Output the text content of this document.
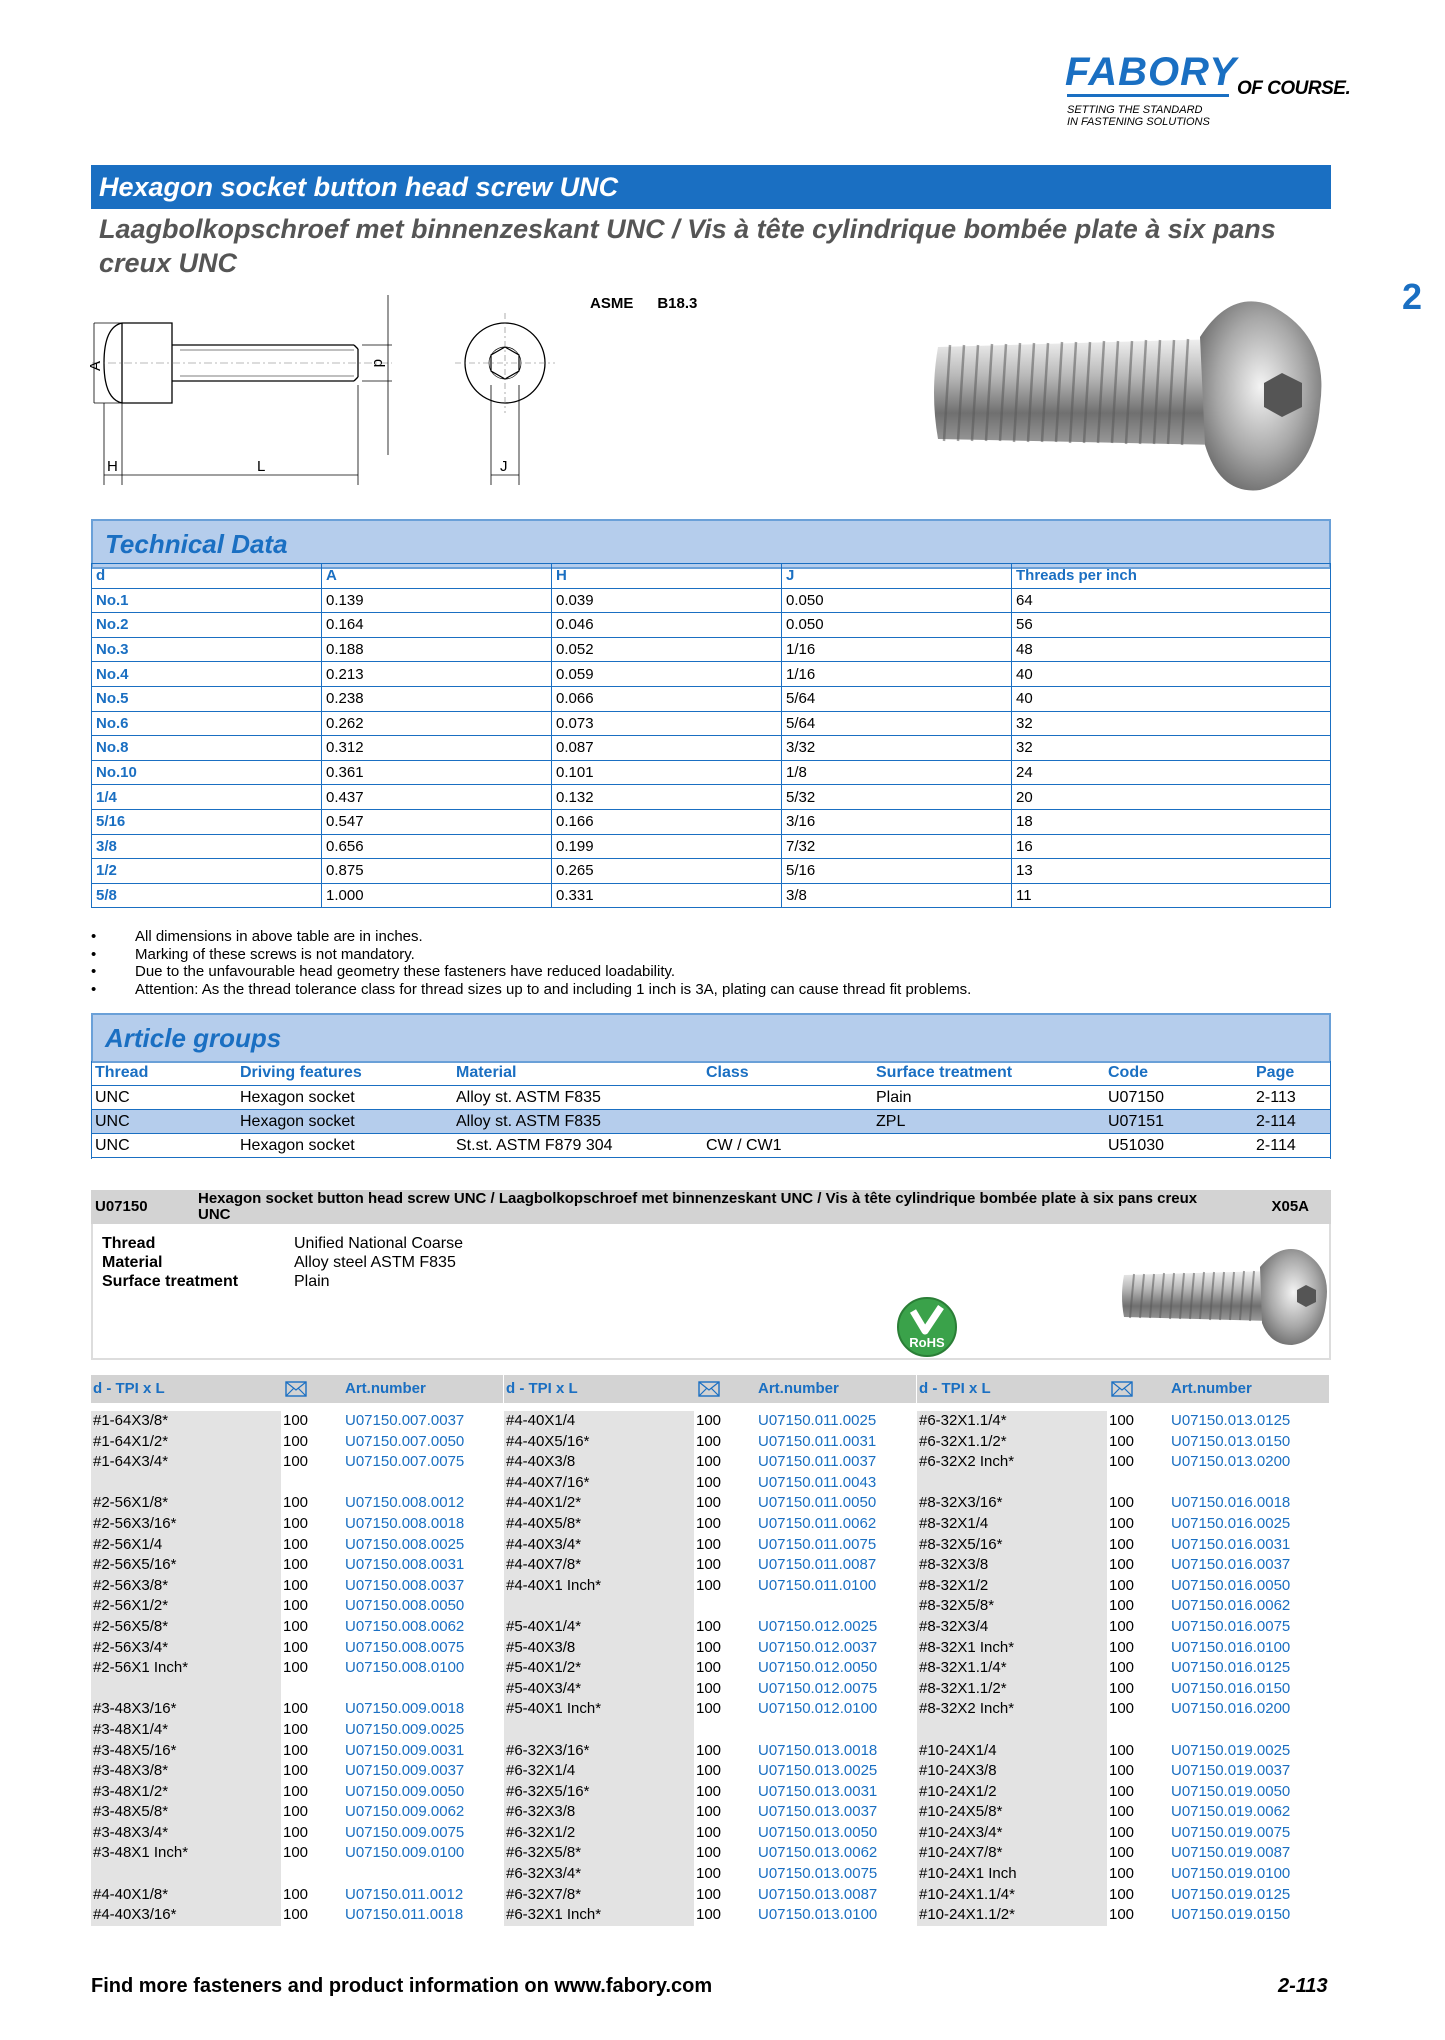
FABORY OF COURSE.
SETTING THE STANDARD
IN FASTENING SOLUTIONS
2
Hexagon socket button head screw UNC
Laagbolkopschroef met binnenzeskant UNC / Vis à tête cylindrique bombée plate à six pans creux UNC
ASME B18.3
A	d
H	L	J
Technical Data
d	A	H	J	Threads per inch
No.1	0.139	0.039	0.050	64
No.2	0.164	0.046	0.050	56
No.3	0.188	0.052	1/16	48
No.4	0.213	0.059	1/16	40
No.5	0.238	0.066	5/64	40
No.6	0.262	0.073	5/64	32
No.8	0.312	0.087	3/32	32
No.10	0.361	0.101	1/8	24
1/4	0.437	0.132	5/32	20
5/16	0.547	0.166	3/16	18
3/8	0.656	0.199	7/32	16
1/2	0.875	0.265	5/16	13
5/8	1.000	0.331	3/8	11
• All dimensions in above table are in inches.
• Marking of these screws is not mandatory.
• Due to the unfavourable head geometry these fasteners have reduced loadability.
• Attention: As the thread tolerance class for thread sizes up to and including 1 inch is 3A, plating can cause thread fit problems.
Article groups
Thread	Driving features	Material	Class	Surface treatment	Code	Page
UNC	Hexagon socket	Alloy st. ASTM F835		Plain	U07150	2-113
UNC	Hexagon socket	Alloy st. ASTM F835		ZPL	U07151	2-114
UNC	Hexagon socket	St.st. ASTM F879 304	CW / CW1		U51030	2-114
U07150	Hexagon socket button head screw UNC / Laagbolkopschroef met binnenzeskant UNC / Vis à tête cylindrique bombée plate à six pans creux UNC	X05A
Thread	Unified National Coarse
Material	Alloy steel ASTM F835
Surface treatment	Plain
RoHS
d - TPI x L	Art.number
#1-64X3/8*	100 U07150.007.0037
#1-64X1/2*	100 U07150.007.0050
#1-64X3/4*	100 U07150.007.0075
#2-56X1/8*	100 U07150.008.0012
#2-56X3/16*	100 U07150.008.0018
#2-56X1/4	100 U07150.008.0025
#2-56X5/16*	100 U07150.008.0031
#2-56X3/8*	100 U07150.008.0037
#2-56X1/2*	100 U07150.008.0050
#2-56X5/8*	100 U07150.008.0062
#2-56X3/4*	100 U07150.008.0075
#2-56X1 Inch*	100 U07150.008.0100
#3-48X3/16*	100 U07150.009.0018
#3-48X1/4*	100 U07150.009.0025
#3-48X5/16*	100 U07150.009.0031
#3-48X3/8*	100 U07150.009.0037
#3-48X1/2*	100 U07150.009.0050
#3-48X5/8*	100 U07150.009.0062
#3-48X3/4*	100 U07150.009.0075
#3-48X1 Inch*	100 U07150.009.0100
#4-40X1/8*	100 U07150.011.0012
#4-40X3/16*	100 U07150.011.0018
d - TPI x L	Art.number
#4-40X1/4	100 U07150.011.0025
#4-40X5/16*	100 U07150.011.0031
#4-40X3/8	100 U07150.011.0037
#4-40X7/16*	100 U07150.011.0043
#4-40X1/2*	100 U07150.011.0050
#4-40X5/8*	100 U07150.011.0062
#4-40X3/4*	100 U07150.011.0075
#4-40X7/8*	100 U07150.011.0087
#4-40X1 Inch*	100 U07150.011.0100
#5-40X1/4*	100 U07150.012.0025
#5-40X3/8	100 U07150.012.0037
#5-40X1/2*	100 U07150.012.0050
#5-40X3/4*	100 U07150.012.0075
#5-40X1 Inch*	100 U07150.012.0100
#6-32X3/16*	100 U07150.013.0018
#6-32X1/4	100 U07150.013.0025
#6-32X5/16*	100 U07150.013.0031
#6-32X3/8	100 U07150.013.0037
#6-32X1/2	100 U07150.013.0050
#6-32X5/8*	100 U07150.013.0062
#6-32X3/4*	100 U07150.013.0075
#6-32X7/8*	100 U07150.013.0087
#6-32X1 Inch*	100 U07150.013.0100
d - TPI x L	Art.number
#6-32X1.1/4*	100 U07150.013.0125
#6-32X1.1/2*	100 U07150.013.0150
#6-32X2 Inch*	100 U07150.013.0200
#8-32X3/16*	100 U07150.016.0018
#8-32X1/4	100 U07150.016.0025
#8-32X5/16*	100 U07150.016.0031
#8-32X3/8	100 U07150.016.0037
#8-32X1/2	100 U07150.016.0050
#8-32X5/8*	100 U07150.016.0062
#8-32X3/4	100 U07150.016.0075
#8-32X1 Inch*	100 U07150.016.0100
#8-32X1.1/4*	100 U07150.016.0125
#8-32X1.1/2*	100 U07150.016.0150
#8-32X2 Inch*	100 U07150.016.0200
#10-24X1/4	100 U07150.019.0025
#10-24X3/8	100 U07150.019.0037
#10-24X1/2	100 U07150.019.0050
#10-24X5/8*	100 U07150.019.0062
#10-24X3/4*	100 U07150.019.0075
#10-24X7/8*	100 U07150.019.0087
#10-24X1 Inch	100 U07150.019.0100
#10-24X1.1/4*	100 U07150.019.0125
#10-24X1.1/2*	100 U07150.019.0150
Find more fasteners and product information on www.fabory.com	2-113
